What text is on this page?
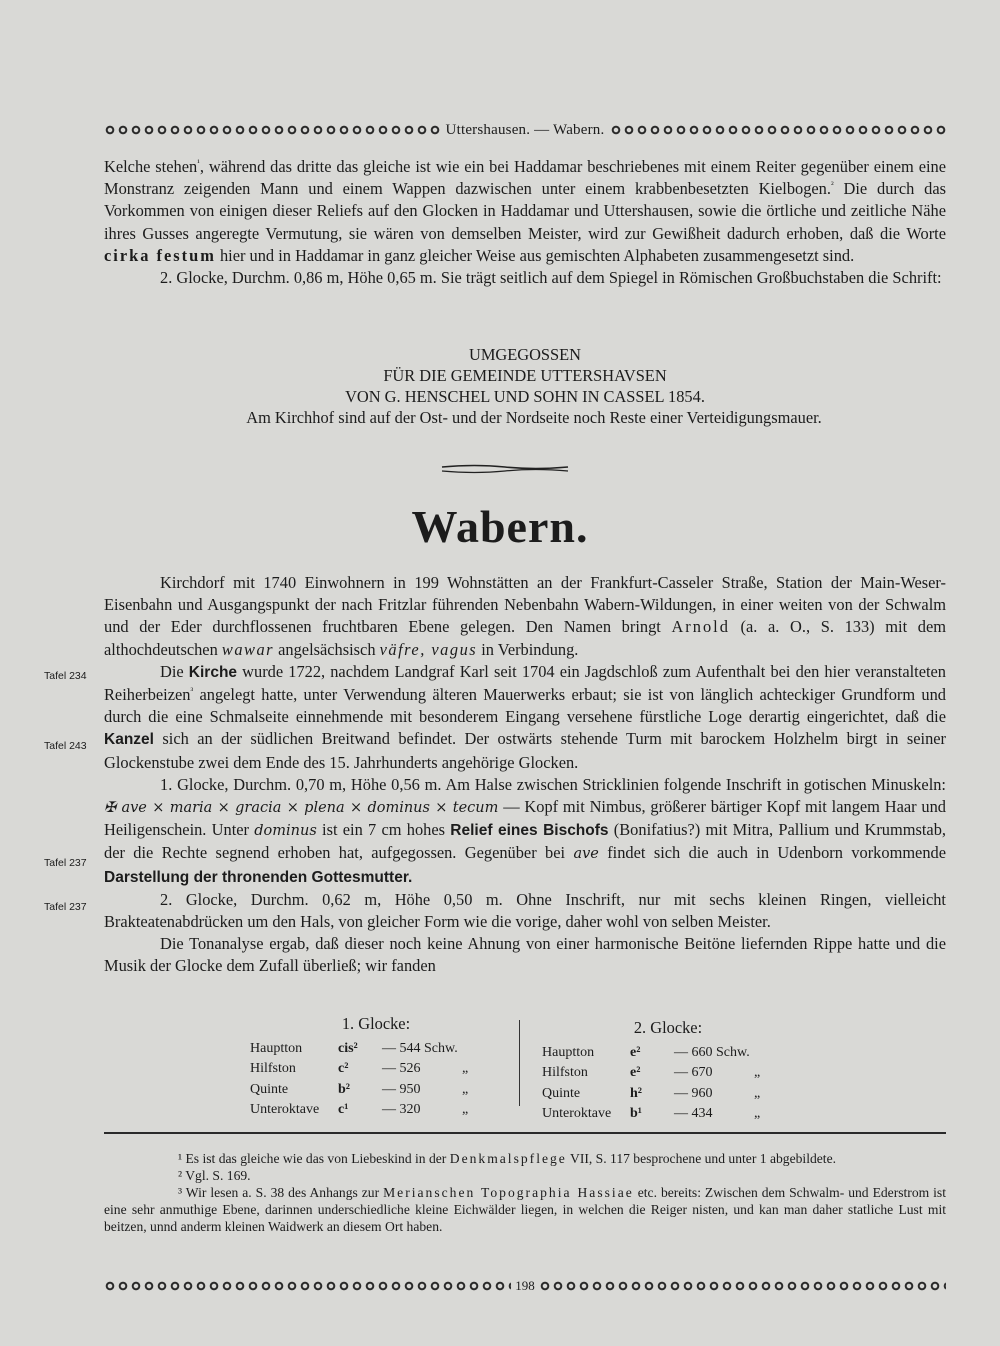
Uttershausen. — Wabern.

Kelche stehen$^{^1}$, während das dritte das gleiche ist wie ein bei Haddamar beschriebenes mit einem Reiter gegenüber einem eine Monstranz zeigenden Mann und einem Wappen dazwischen unter einem krabbenbesetzten Kielbogen.$^{^2}$ Die durch das Vorkommen von einigen dieser Reliefs auf den Glocken in Haddamar und Uttershausen, sowie die örtliche und zeitliche Nähe ihres Gusses angeregte Vermutung, sie wären von demselben Meister, wird zur Gewißheit dadurch erhoben, daß die Worte cirka festum hier und in Haddamar in ganz gleicher Weise aus gemischten Alphabeten zusammengesetzt sind.

2. Glocke, Durchm. 0,86 m, Höhe 0,65 m. Sie trägt seitlich auf dem Spiegel in Römischen Großbuchstaben die Schrift:

UMGEGOSSEN
FÜR DIE GEMEINDE UTTERSHAVSEN
VON G. HENSCHEL UND SOHN IN CASSEL 1854.
Am Kirchhof sind auf der Ost- und der Nordseite noch Reste einer Verteidigungsmauer.
Wabern.
Tafel 234
Tafel 243
Tafel 237
Tafel 237

Kirchdorf mit 1740 Einwohnern in 199 Wohnstätten an der Frankfurt-Casseler Straße, Station der Main-Weser-Eisenbahn und Ausgangspunkt der nach Fritzlar führenden Nebenbahn Wabern-Wildungen, in einer weiten von der Schwalm und der Eder durchflossenen fruchtbaren Ebene gelegen. Den Namen bringt Arnold (a. a. O., S. 133) mit dem althochdeutschen wawar angelsächsisch väfre, vagus in Verbindung.

Die Kirche wurde 1722, nachdem Landgraf Karl seit 1704 ein Jagdschloß zum Aufenthalt bei den hier veranstalteten Reiherbeizen$^{^3}$ angelegt hatte, unter Verwendung älteren Mauerwerks erbaut; sie ist von länglich achteckiger Grundform und durch die eine Schmalseite einnehmende mit besonderem Eingang versehene fürstliche Loge derartig eingerichtet, daß die Kanzel sich an der südlichen Breitwand befindet. Der ostwärts stehende Turm mit barockem Holzhelm birgt in seiner Glockenstube zwei dem Ende des 15. Jahrhunderts angehörige Glocken.

1. Glocke, Durchm. 0,70 m, Höhe 0,56 m. Am Halse zwischen Stricklinien folgende Inschrift in gotischen Minuskeln: ✠ ave × maria × gracia × plena × dominus × tecum — Kopf mit Nimbus, größerer bärtiger Kopf mit langem Haar und Heiligenschein. Unter dominus ist ein 7 cm hohes Relief eines Bischofs (Bonifatius?) mit Mitra, Pallium und Krummstab, der die Rechte segnend erhoben hat, aufgegossen. Gegenüber bei ave findet sich die auch in Udenborn vorkommende Darstellung der thronenden Gottesmutter.

2. Glocke, Durchm. 0,62 m, Höhe 0,50 m. Ohne Inschrift, nur mit sechs kleinen Ringen, vielleicht Brakteatenabdrücken um den Hals, von gleicher Form wie die vorige, daher wohl von selben Meister.

Die Tonanalyse ergab, daß dieser noch keine Ahnung von einer harmonische Beitöne liefernden Rippe hatte und die Musik der Glocke dem Zufall überließ; wir fanden

1. Glocke:
Hauptton	cis²	— 544 Schw.
Hilfston	c²	— 526	„
Quinte	b²	— 950	„
Unteroktave	c¹	— 320	„
2. Glocke:
Hauptton	e²	— 660 Schw.
Hilfston	e²	— 670	„
Quinte	h²	— 960	„
Unteroktave	b¹	— 434	„

¹ Es ist das gleiche wie das von Liebeskind in der Denkmalspflege VII, S. 117 besprochene und unter 1 abgebildete.

² Vgl. S. 169.

³ Wir lesen a. S. 38 des Anhangs zur Merianschen Topographia Hassiae etc. bereits: Zwischen dem Schwalm- und Ederstrom ist eine sehr anmuthige Ebene, darinnen underschiedliche kleine Eichwälder liegen, in welchen die Reiger nisten, und kan man daher statliche Lust mit beitzen, unnd anderm kleinen Waidwerk an diesem Ort haben.

198
